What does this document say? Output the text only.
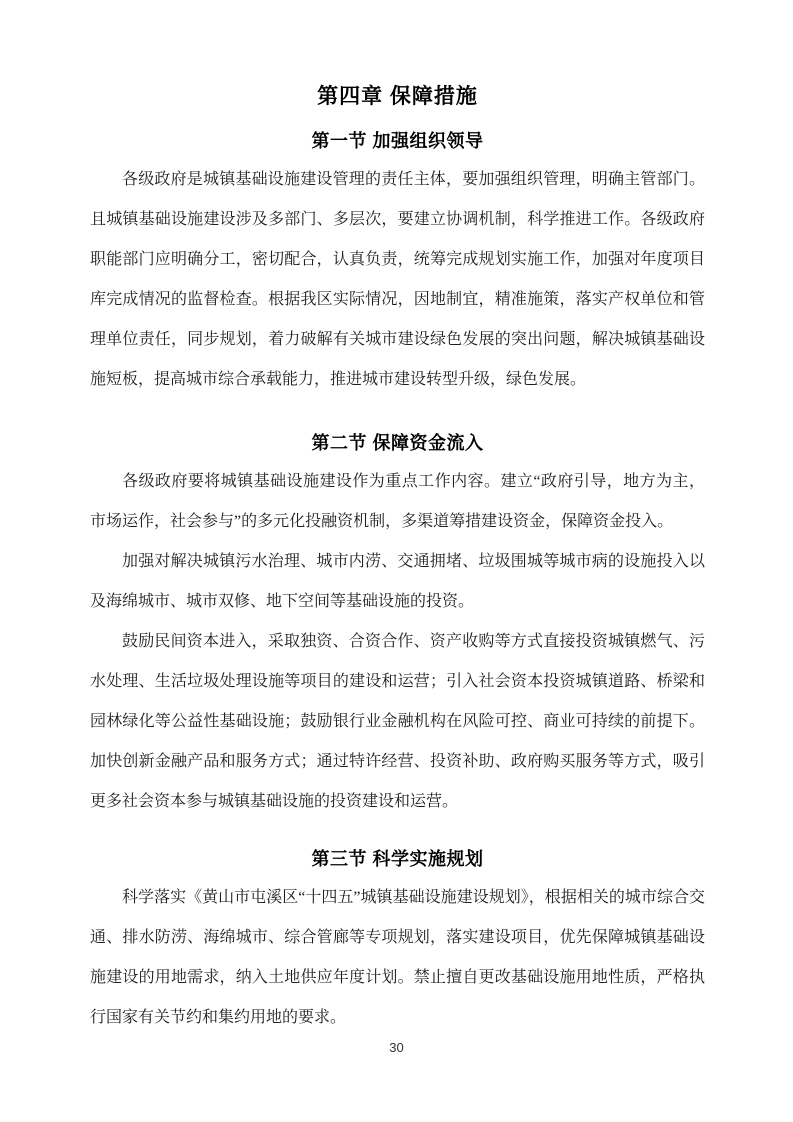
第四章 保障措施
第一节 加强组织领导

各级政府是城镇基础设施建设管理的责任主体，要加强组织管理，明确主管部门。且城镇基础设施建设涉及多部门、多层次，要建立协调机制，科学推进工作。各级政府职能部门应明确分工，密切配合，认真负责，统筹完成规划实施工作，加强对年度项目库完成情况的监督检查。根据我区实际情况，因地制宜，精准施策，落实产权单位和管理单位责任，同步规划，着力破解有关城市建设绿色发展的突出问题，解决城镇基础设施短板，提高城市综合承载能力，推进城市建设转型升级，绿色发展。

第二节 保障资金流入

各级政府要将城镇基础设施建设作为重点工作内容。建立“政府引导，地方为主，市场运作，社会参与”的多元化投融资机制，多渠道筹措建设资金，保障资金投入。

加强对解决城镇污水治理、城市内涝、交通拥堵、垃圾围城等城市病的设施投入以及海绵城市、城市双修、地下空间等基础设施的投资。

鼓励民间资本进入，采取独资、合资合作、资产收购等方式直接投资城镇燃气、污水处理、生活垃圾处理设施等项目的建设和运营；引入社会资本投资城镇道路、桥梁和园林绿化等公益性基础设施；鼓励银行业金融机构在风险可控、商业可持续的前提下。加快创新金融产品和服务方式；通过特许经营、投资补助、政府购买服务等方式，吸引更多社会资本参与城镇基础设施的投资建设和运营。

第三节 科学实施规划

科学落实《黄山市屯溪区“十四五”城镇基础设施建设规划》，根据相关的城市综合交通、排水防涝、海绵城市、综合管廊等专项规划，落实建设项目，优先保障城镇基础设施建设的用地需求，纳入土地供应年度计划。禁止擅自更改基础设施用地性质，严格执行国家有关节约和集约用地的要求。

30
